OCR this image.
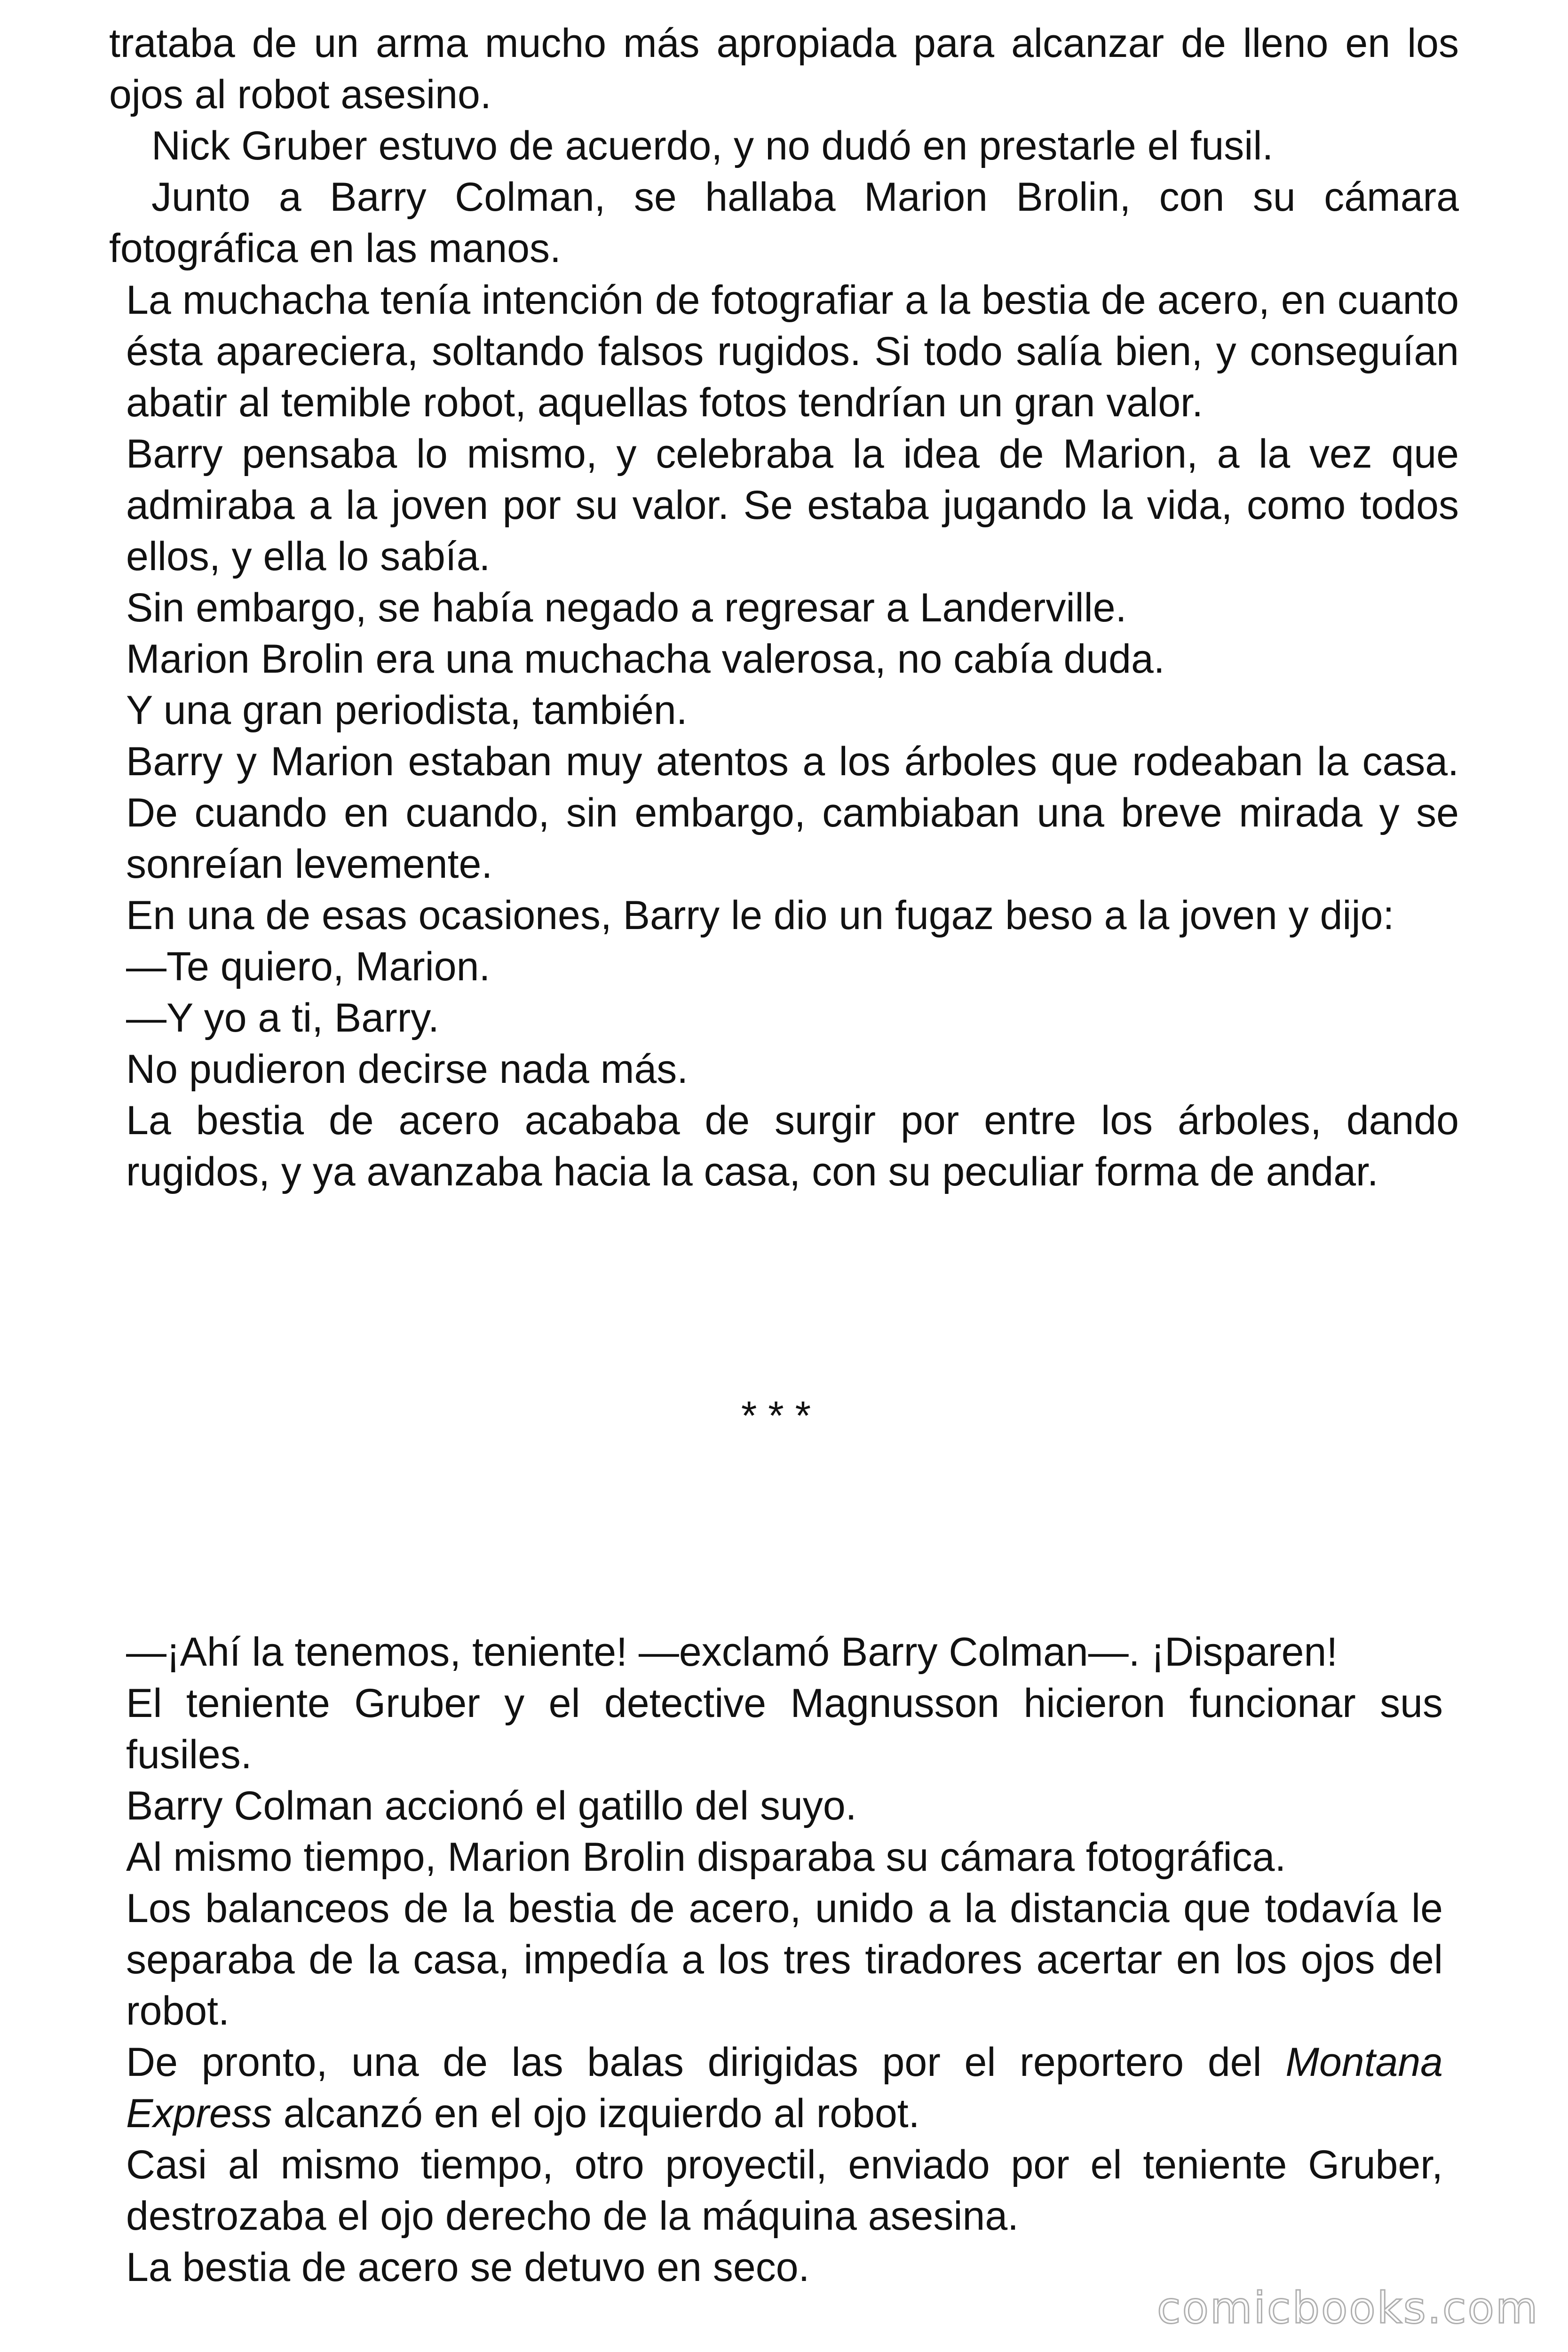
trataba de un arma mucho más apropiada para alcanzar de lleno en los ojos al robot asesino.

Nick Gruber estuvo de acuerdo, y no dudó en prestarle el fusil.

Junto a Barry Colman, se hallaba Marion Brolin, con su cámara fotográfica en las manos.

La muchacha tenía intención de fotografiar a la bestia de acero, en cuanto ésta apareciera, soltando falsos rugidos. Si todo salía bien, y conseguían abatir al temible robot, aquellas fotos tendrían un gran valor.

Barry pensaba lo mismo, y celebraba la idea de Marion, a la vez que admiraba a la joven por su valor. Se estaba jugando la vida, como todos ellos, y ella lo sabía.

Sin embargo, se había negado a regresar a Landerville.

Marion Brolin era una muchacha valerosa, no cabía duda.

Y una gran periodista, también.

Barry y Marion estaban muy atentos a los árboles que rodeaban la casa. De cuando en cuando, sin embargo, cambiaban una breve mirada y se sonreían levemente.

En una de esas ocasiones, Barry le dio un fugaz beso a la joven y dijo:

—Te quiero, Marion.

—Y yo a ti, Barry.

No pudieron decirse nada más.

La bestia de acero acababa de surgir por entre los árboles, dando rugidos, y ya avanzaba hacia la casa, con su peculiar forma de andar.

* * *

—¡Ahí la tenemos, teniente! —exclamó Barry Colman—. ¡Disparen!

El teniente Gruber y el detective Magnusson hicieron funcionar sus fusiles.

Barry Colman accionó el gatillo del suyo.

Al mismo tiempo, Marion Brolin disparaba su cámara fotográfica.

Los balanceos de la bestia de acero, unido a la distancia que todavía le separaba de la casa, impedía a los tres tiradores acertar en los ojos del robot.

De pronto, una de las balas dirigidas por el reportero del Montana Express alcanzó en el ojo izquierdo al robot.

Casi al mismo tiempo, otro proyectil, enviado por el teniente Gruber, destrozaba el ojo derecho de la máquina asesina.

La bestia de acero se detuvo en seco.

comicbooks.com
